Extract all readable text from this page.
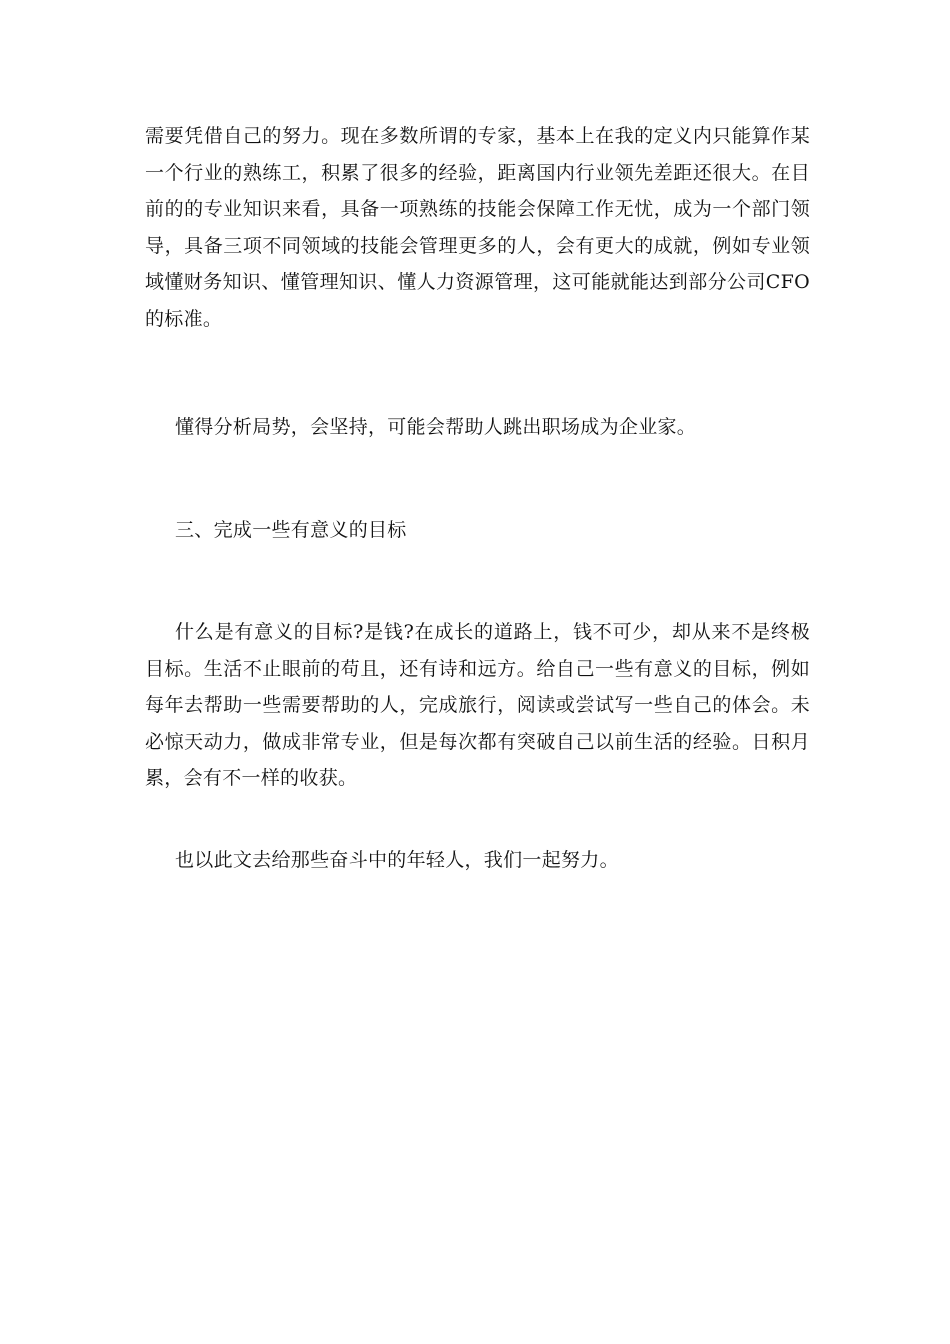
需要凭借自己的努力。现在多数所谓的专家，基本上在我的定义内只能算作某一个行业的熟练工，积累了很多的经验，距离国内行业领先差距还很大。在目前的的专业知识来看，具备一项熟练的技能会保障工作无忧，成为一个部门领导，具备三项不同领域的技能会管理更多的人，会有更大的成就，例如专业领域懂财务知识、懂管理知识、懂人力资源管理，这可能就能达到部分公司CFO的标准。

懂得分析局势，会坚持，可能会帮助人跳出职场成为企业家。

三、完成一些有意义的目标

什么是有意义的目标?是钱?在成长的道路上，钱不可少，却从来不是终极目标。生活不止眼前的苟且，还有诗和远方。给自己一些有意义的目标，例如每年去帮助一些需要帮助的人，完成旅行，阅读或尝试写一些自己的体会。未必惊天动力，做成非常专业，但是每次都有突破自己以前生活的经验。日积月累，会有不一样的收获。

也以此文去给那些奋斗中的年轻人，我们一起努力。
